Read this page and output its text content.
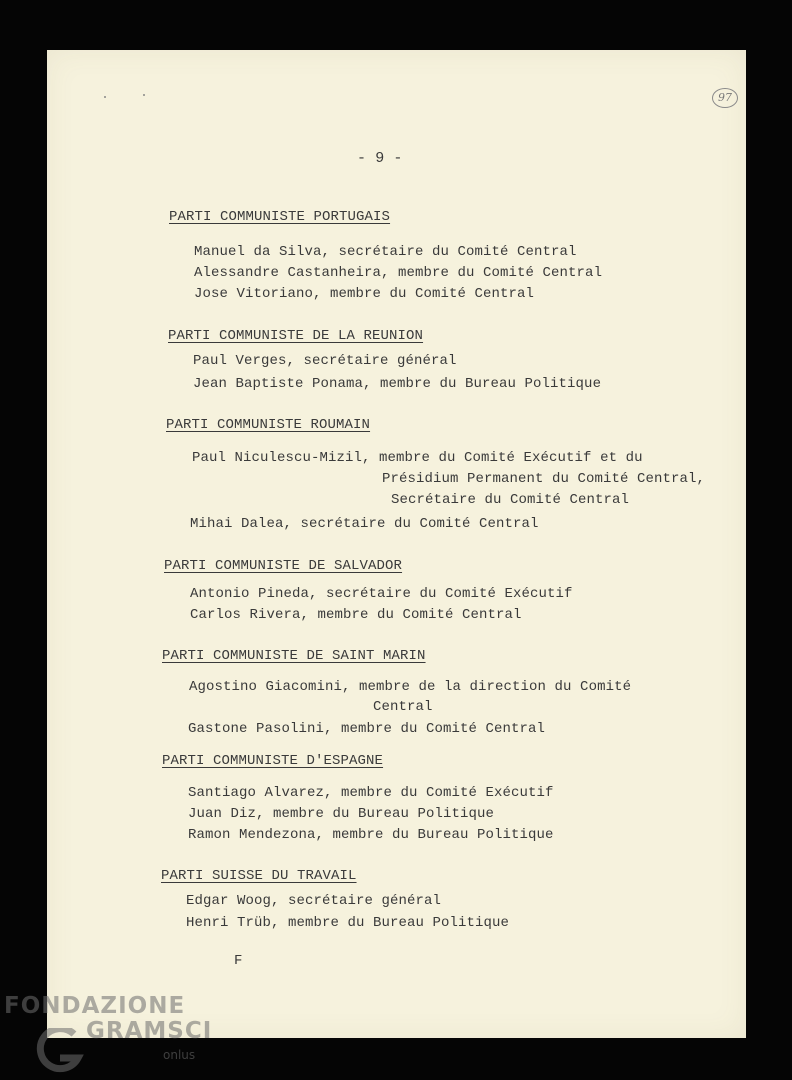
97
- 9 -
PARTI COMMUNISTE PORTUGAIS
Manuel da Silva, secrétaire du Comité Central
Alessandre Castanheira, membre du Comité Central
Jose Vitoriano, membre du Comité Central
PARTI COMMUNISTE DE LA REUNION
Paul Verges, secrétaire général
Jean Baptiste Ponama, membre du Bureau Politique
PARTI COMMUNISTE ROUMAIN
Paul Niculescu-Mizil, membre du Comité Exécutif et du
Présidium Permanent du Comité Central,
Secrétaire du Comité Central
Mihai Dalea, secrétaire du Comité Central
PARTI COMMUNISTE DE SALVADOR
Antonio Pineda, secrétaire du Comité Exécutif
Carlos Rivera, membre du Comité Central
PARTI COMMUNISTE DE SAINT MARIN
Agostino Giacomini, membre de la direction du Comité
Central
Gastone Pasolini, membre du Comité Central
PARTI COMMUNISTE D'ESPAGNE
Santiago Alvarez, membre du Comité Exécutif
Juan Diz, membre du Bureau Politique
Ramon Mendezona, membre du Bureau Politique
PARTI SUISSE DU TRAVAIL
Edgar Woog, secrétaire général
Henri Trüb, membre du Bureau Politique
F
FONDAZIONE
GRAMSCI
onlus
